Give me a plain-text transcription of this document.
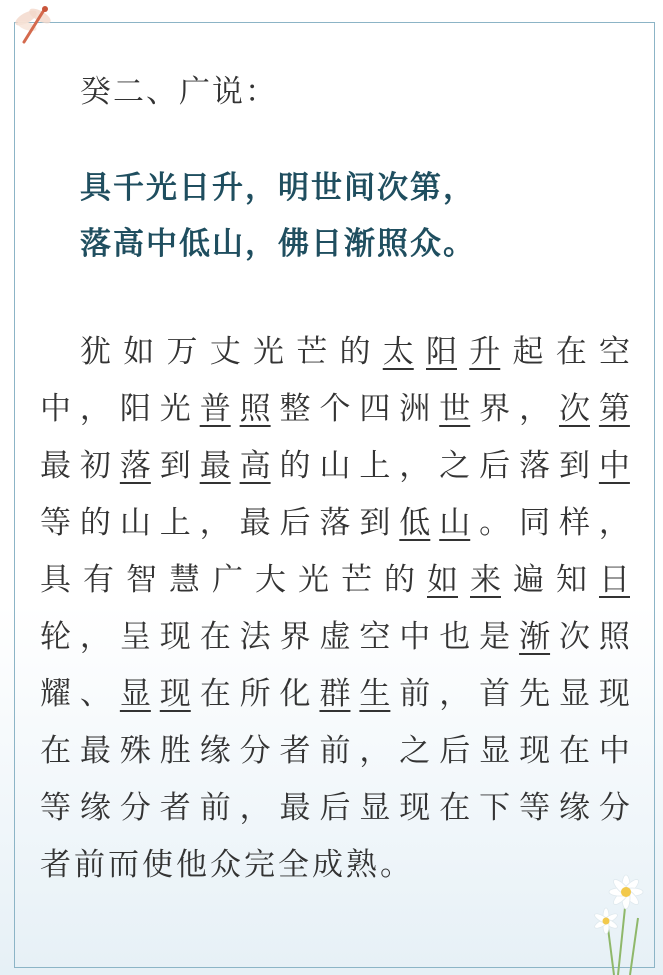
癸二、广说：

具千光日升，明世间次第，

落高中低山，佛日渐照众。

犹 如 万 丈 光 芒 的 太 阳 升 起 在 空

中 ， 阳 光 普 照 整 个 四 洲 世 界 ， 次 第

最 初 落 到 最 高 的 山 上 ， 之 后 落 到 中

等 的 山 上 ， 最 后 落 到 低 山 。 同 样 ，

具 有 智 慧 广 大 光 芒 的 如 来 遍 知 日

轮 ， 呈 现 在 法 界 虚 空 中 也 是 渐 次 照

耀 、 显 现 在 所 化 群 生 前 ， 首 先 显 现

在 最 殊 胜 缘 分 者 前 ， 之 后 显 现 在 中

等 缘 分 者 前 ， 最 后 显 现 在 下 等 缘 分

者前而使他众完全成熟。
